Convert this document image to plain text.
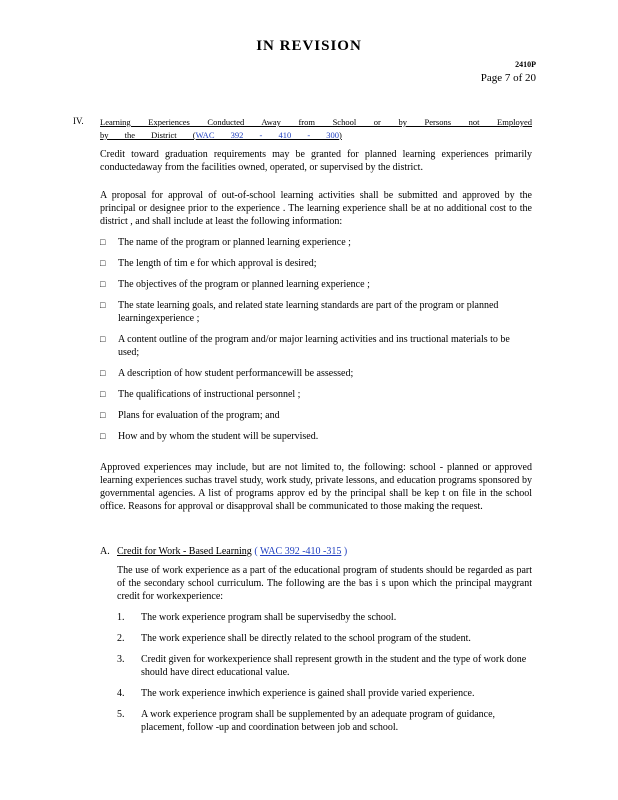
IN REVISION
2410P
Page 7 of 20
IV. Learning Experiences Conducted Away from School or by Persons not Employed by the District (WAC 392 - 410 - 300)
Credit toward graduation requirements may be granted for planned learning experiences primarily conductedaway from the facilities owned, operated, or supervised by the district.
A proposal for approval of out-of-school learning activities shall be submitted and approved by the principal or designee prior to the experience . The learning experience shall be at no additional cost to the district , and shall include at least the following information:
□ The name of the program or planned learning experience ;
□ The length of tim e for which approval is desired;
□ The objectives of the program or planned learning experience ;
□ The state learning goals, and related state learning standards are part of the program or planned learningexperience ;
□ A content outline of the program and/or major learning activities and ins tructional materials to be used;
□ A description of how student performancewill be assessed;
□ The qualifications of instructional personnel ;
□ Plans for evaluation of the program; and
□ How and by whom the student will be supervised.
Approved experiences may include, but are not limited to, the following: school - planned or approved learning experiences suchas travel study, work study, private lessons, and education programs sponsored by governmental agencies. A list of programs approv ed by the principal shall be kep t on file in the school office. Reasons for approval or disapproval shall be communicated to those making the request.
A. Credit for Work - Based Learning ( WAC 392 -410 -315 )
The use of work experience as a part of the educational program of students should be regarded as part of the secondary school curriculum. The following are the bas i s upon which the principal maygrant credit for workexperience:
1. The work experience program shall be supervisedby the school.
2. The work experience shall be directly related to the school program of the student.
3. Credit given for workexperience shall represent growth in the student and the type of work done should have direct educational value.
4. The work experience inwhich experience is gained shall provide varied experience.
5. A work experience program shall be supplemented by an adequate program of guidance, placement, follow -up and coordination between job and school.
